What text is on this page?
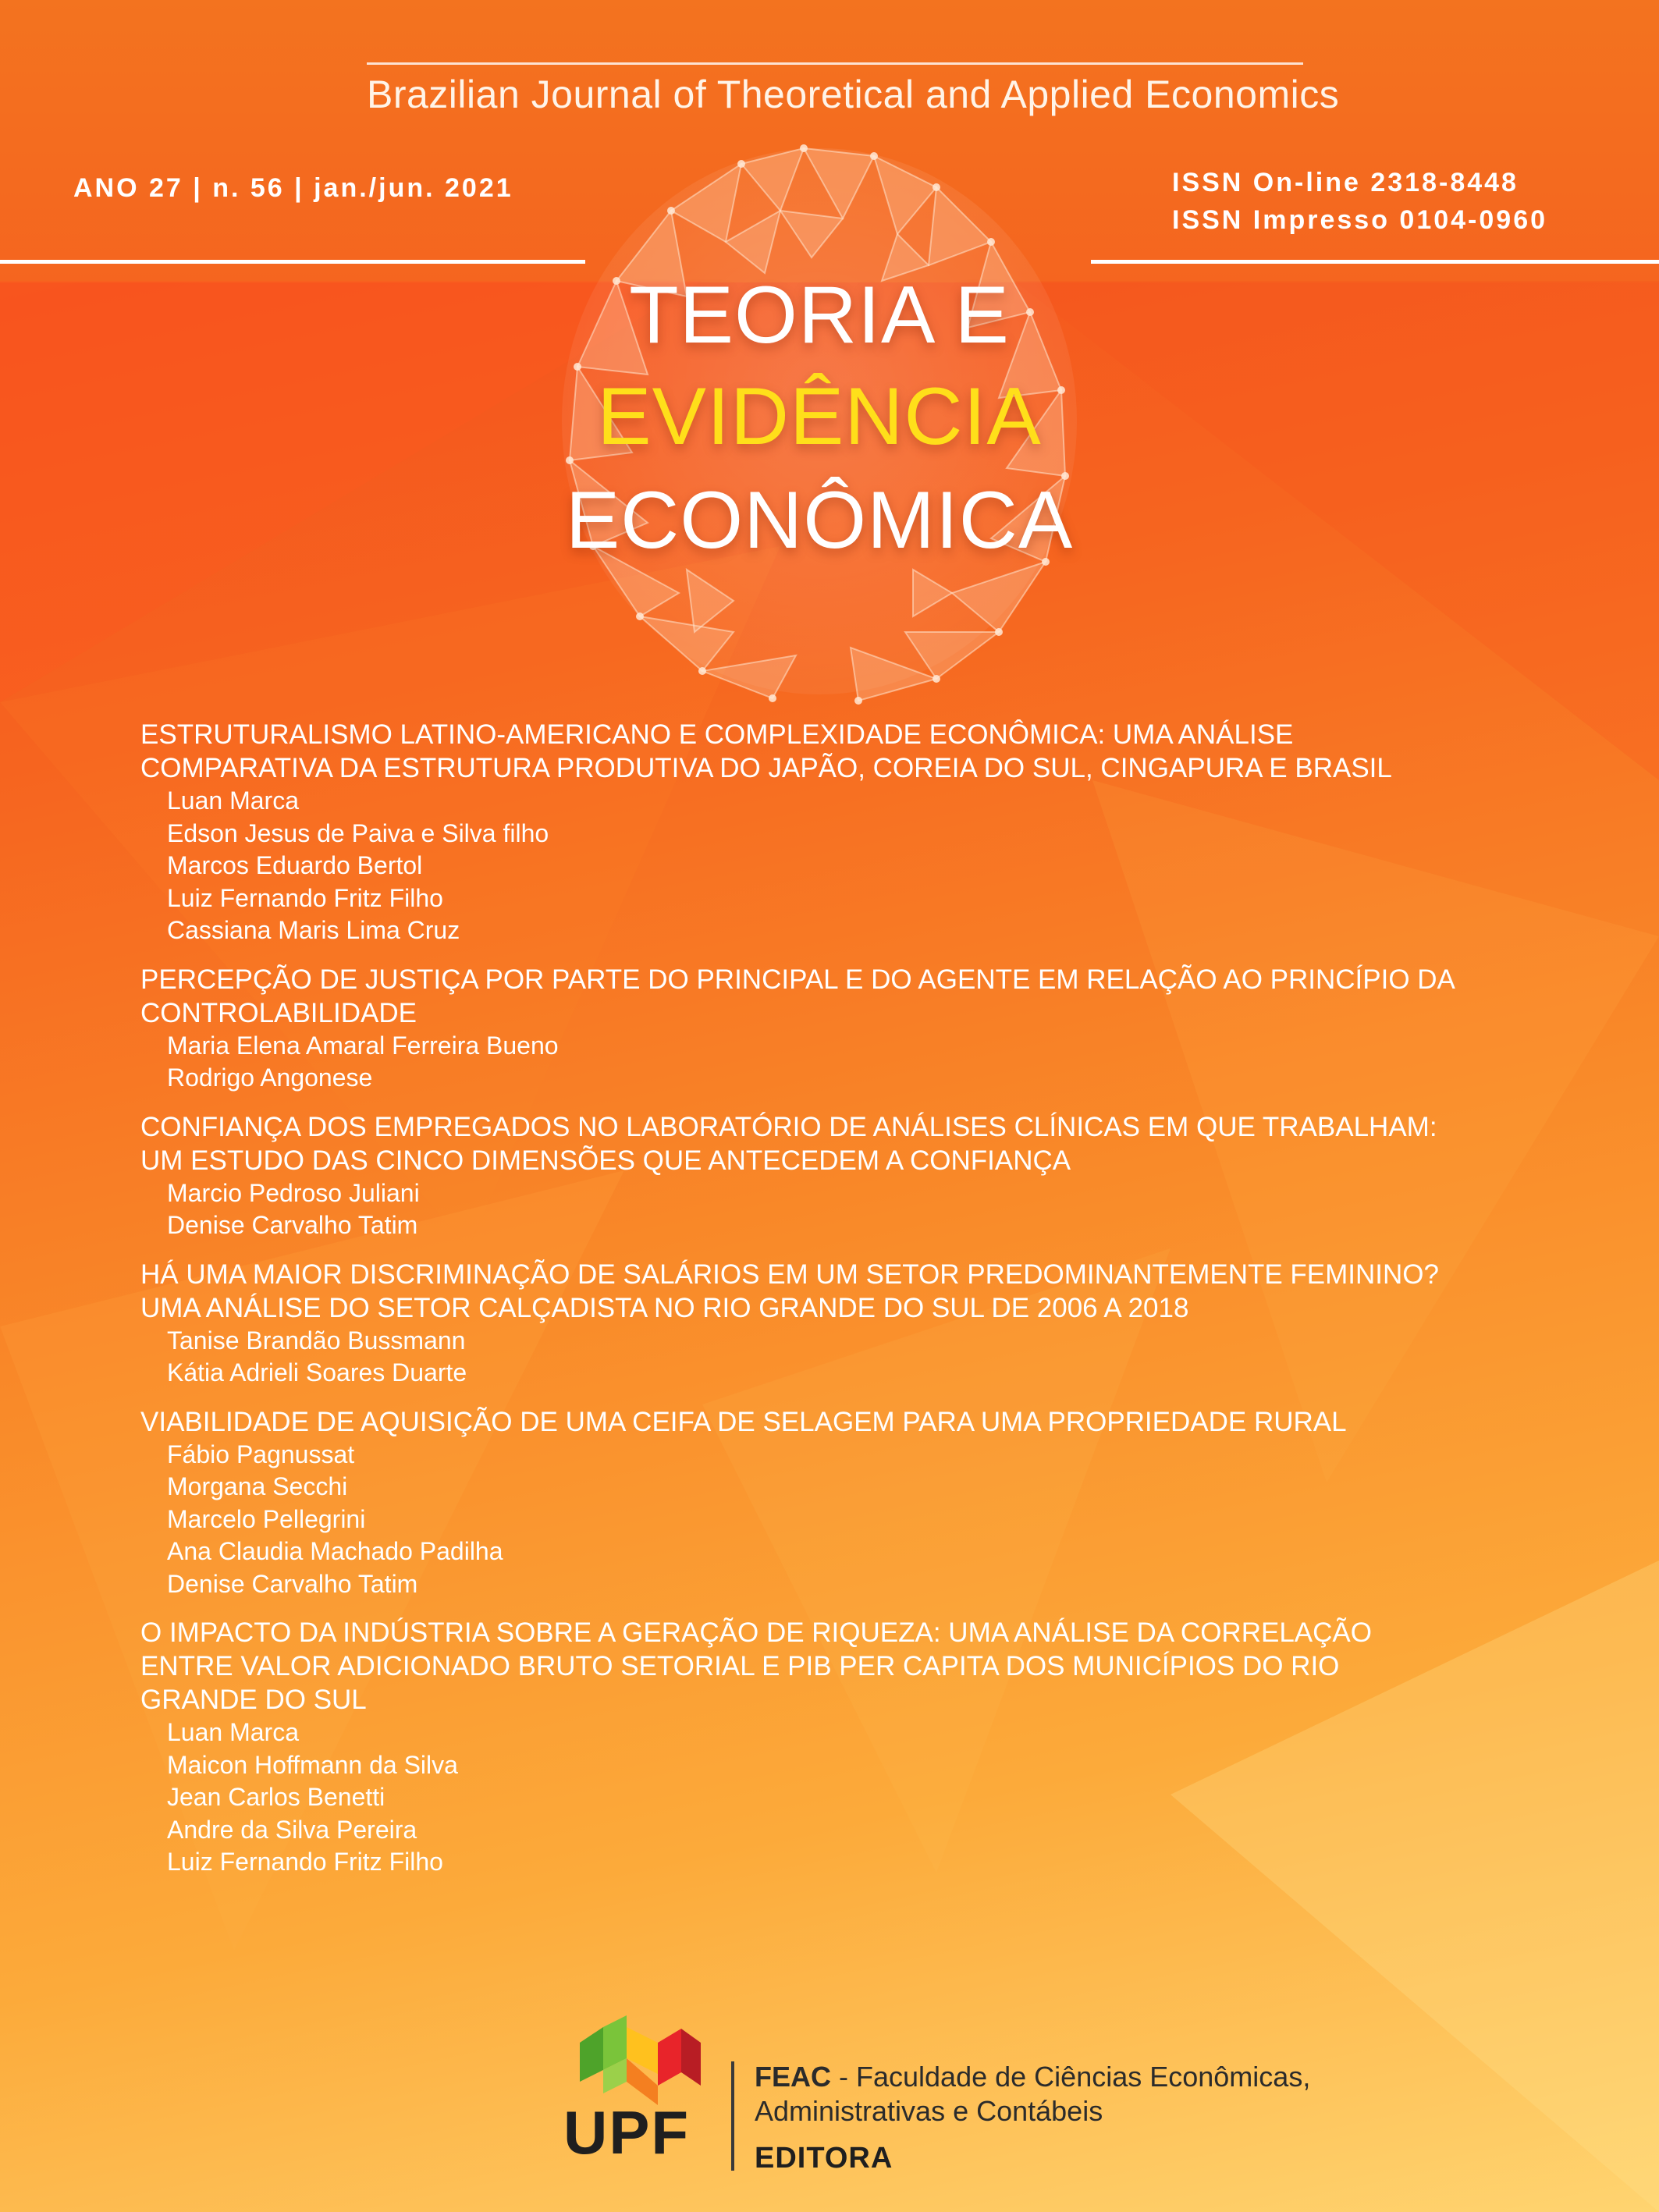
Brazilian Journal of Theoretical and Applied Economics
ANO 27 | n. 56 | jan./jun. 2021	ISSN On-line 2318-8448
ISSN Impresso 0104-0960
TEORIA E
EVIDÊNCIA
ECONÔMICA

ESTRUTURALISMO LATINO-AMERICANO E COMPLEXIDADE ECONÔMICA: UMA ANÁLISE
COMPARATIVA DA ESTRUTURA PRODUTIVA DO JAPÃO, COREIA DO SUL, CINGAPURA E BRASIL

Luan Marca
Edson Jesus de Paiva e Silva filho
Marcos Eduardo Bertol
Luiz Fernando Fritz Filho
Cassiana Maris Lima Cruz

PERCEPÇÃO DE JUSTIÇA POR PARTE DO PRINCIPAL E DO AGENTE EM RELAÇÃO AO PRINCÍPIO DA
CONTROLABILIDADE

Maria Elena Amaral Ferreira Bueno
Rodrigo Angonese

CONFIANÇA DOS EMPREGADOS NO LABORATÓRIO DE ANÁLISES CLÍNICAS EM QUE TRABALHAM:
UM ESTUDO DAS CINCO DIMENSÕES QUE ANTECEDEM A CONFIANÇA

Marcio Pedroso Juliani
Denise Carvalho Tatim

HÁ UMA MAIOR DISCRIMINAÇÃO DE SALÁRIOS EM UM SETOR PREDOMINANTEMENTE FEMININO?
UMA ANÁLISE DO SETOR CALÇADISTA NO RIO GRANDE DO SUL DE 2006 A 2018

Tanise Brandão Bussmann
Kátia Adrieli Soares Duarte

VIABILIDADE DE AQUISIÇÃO DE UMA CEIFA DE SELAGEM PARA UMA PROPRIEDADE RURAL

Fábio Pagnussat
Morgana Secchi
Marcelo Pellegrini
Ana Claudia Machado Padilha
Denise Carvalho Tatim

O IMPACTO DA INDÚSTRIA SOBRE A GERAÇÃO DE RIQUEZA: UMA ANÁLISE DA CORRELAÇÃO
ENTRE VALOR ADICIONADO BRUTO SETORIAL E PIB PER CAPITA DOS MUNICÍPIOS DO RIO
GRANDE DO SUL

Luan Marca
Maicon Hoffmann da Silva
Jean Carlos Benetti
Andre da Silva Pereira
Luiz Fernando Fritz Filho
UPF
FEAC - Faculdade de Ciências Econômicas,
Administrativas e Contábeis
EDITORA
